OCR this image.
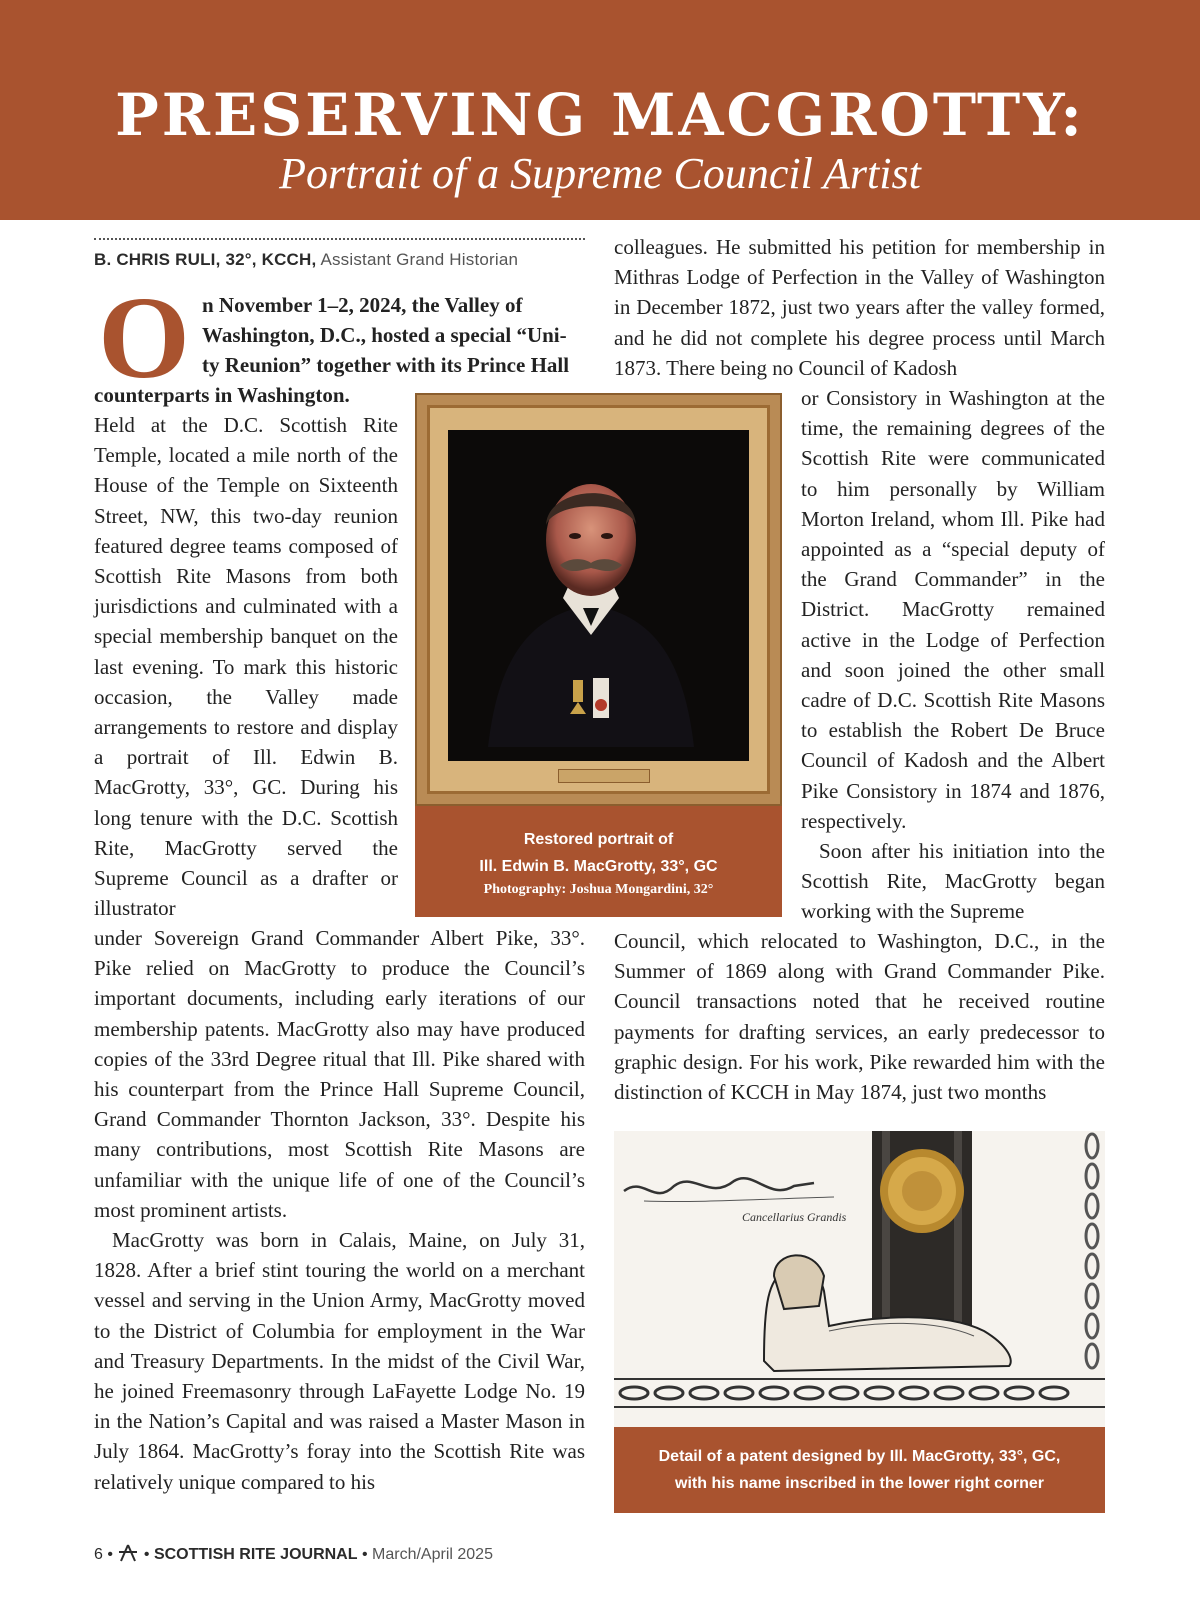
PRESERVING MACGROTTY:
Portrait of a Supreme Council Artist
B. CHRIS RULI, 32°, KCCH, Assistant Grand Historian
O n November 1–2, 2024, the Valley of
Washington, D.C., hosted a special “Uni-
ty Reunion” together with its Prince Hall
counterparts in Washington.

Held at the D.C. Scottish Rite Temple, located a mile north of the House of the Temple on Sixteenth Street, NW, this two-day reunion featured degree teams composed of Scottish Rite Masons from both jurisdictions and culminated with a special membership banquet on the last evening. To mark this historic occasion, the Valley made arrangements to restore and display a portrait of Ill. Edwin B. MacGrotty, 33°, GC. During his long tenure with the D.C. Scottish Rite, MacGrotty served the Supreme Council as a drafter or illustrator

under Sovereign Grand Commander Albert Pike, 33°. Pike relied on MacGrotty to produce the Council’s important documents, including early iterations of our membership patents. MacGrotty also may have produced copies of the 33rd Degree ritual that Ill. Pike shared with his counterpart from the Prince Hall Supreme Council, Grand Commander Thornton Jackson, 33°. Despite his many contributions, most Scottish Rite Masons are unfamiliar with the unique life of one of the Council’s most prominent artists.

MacGrotty was born in Calais, Maine, on July 31, 1828. After a brief stint touring the world on a merchant vessel and serving in the Union Army, MacGrotty moved to the District of Columbia for employment in the War and Treasury Departments. In the midst of the Civil War, he joined Freemasonry through LaFayette Lodge No. 19 in the Nation’s Capital and was raised a Master Mason in July 1864. MacGrotty’s foray into the Scottish Rite was relatively unique compared to his

colleagues. He submitted his petition for membership in Mithras Lodge of Perfection in the Valley of Washington in December 1872, just two years after the valley formed, and he did not complete his degree process until March 1873. There being no Council of Kadosh

or Consistory in Washington at the time, the remaining degrees of the Scottish Rite were communicated to him personally by William Morton Ireland, whom Ill. Pike had appointed as a “special deputy of the Grand Commander” in the District. MacGrotty remained active in the Lodge of Perfection and soon joined the other small cadre of D.C. Scottish Rite Masons to establish the Robert De Bruce Council of Kadosh and the Albert Pike Consistory in 1874 and 1876, respectively.

Soon after his initiation into the Scottish Rite, MacGrotty began working with the Supreme

Council, which relocated to Washington, D.C., in the Summer of 1869 along with Grand Commander Pike. Council transactions noted that he received routine payments for drafting services, an early predecessor to graphic design. For his work, Pike rewarded him with the distinction of KCCH in May 1874, just two months

Restored portrait of
Ill. Edwin B. MacGrotty, 33°, GC
Photography: Joshua Mongardini, 32°
Cancellarius Grandis
Detail of a patent designed by Ill. MacGrotty, 33°, GC,
with his name inscribed in the lower right corner
6 • • SCOTTISH RITE JOURNAL • March/April 2025
